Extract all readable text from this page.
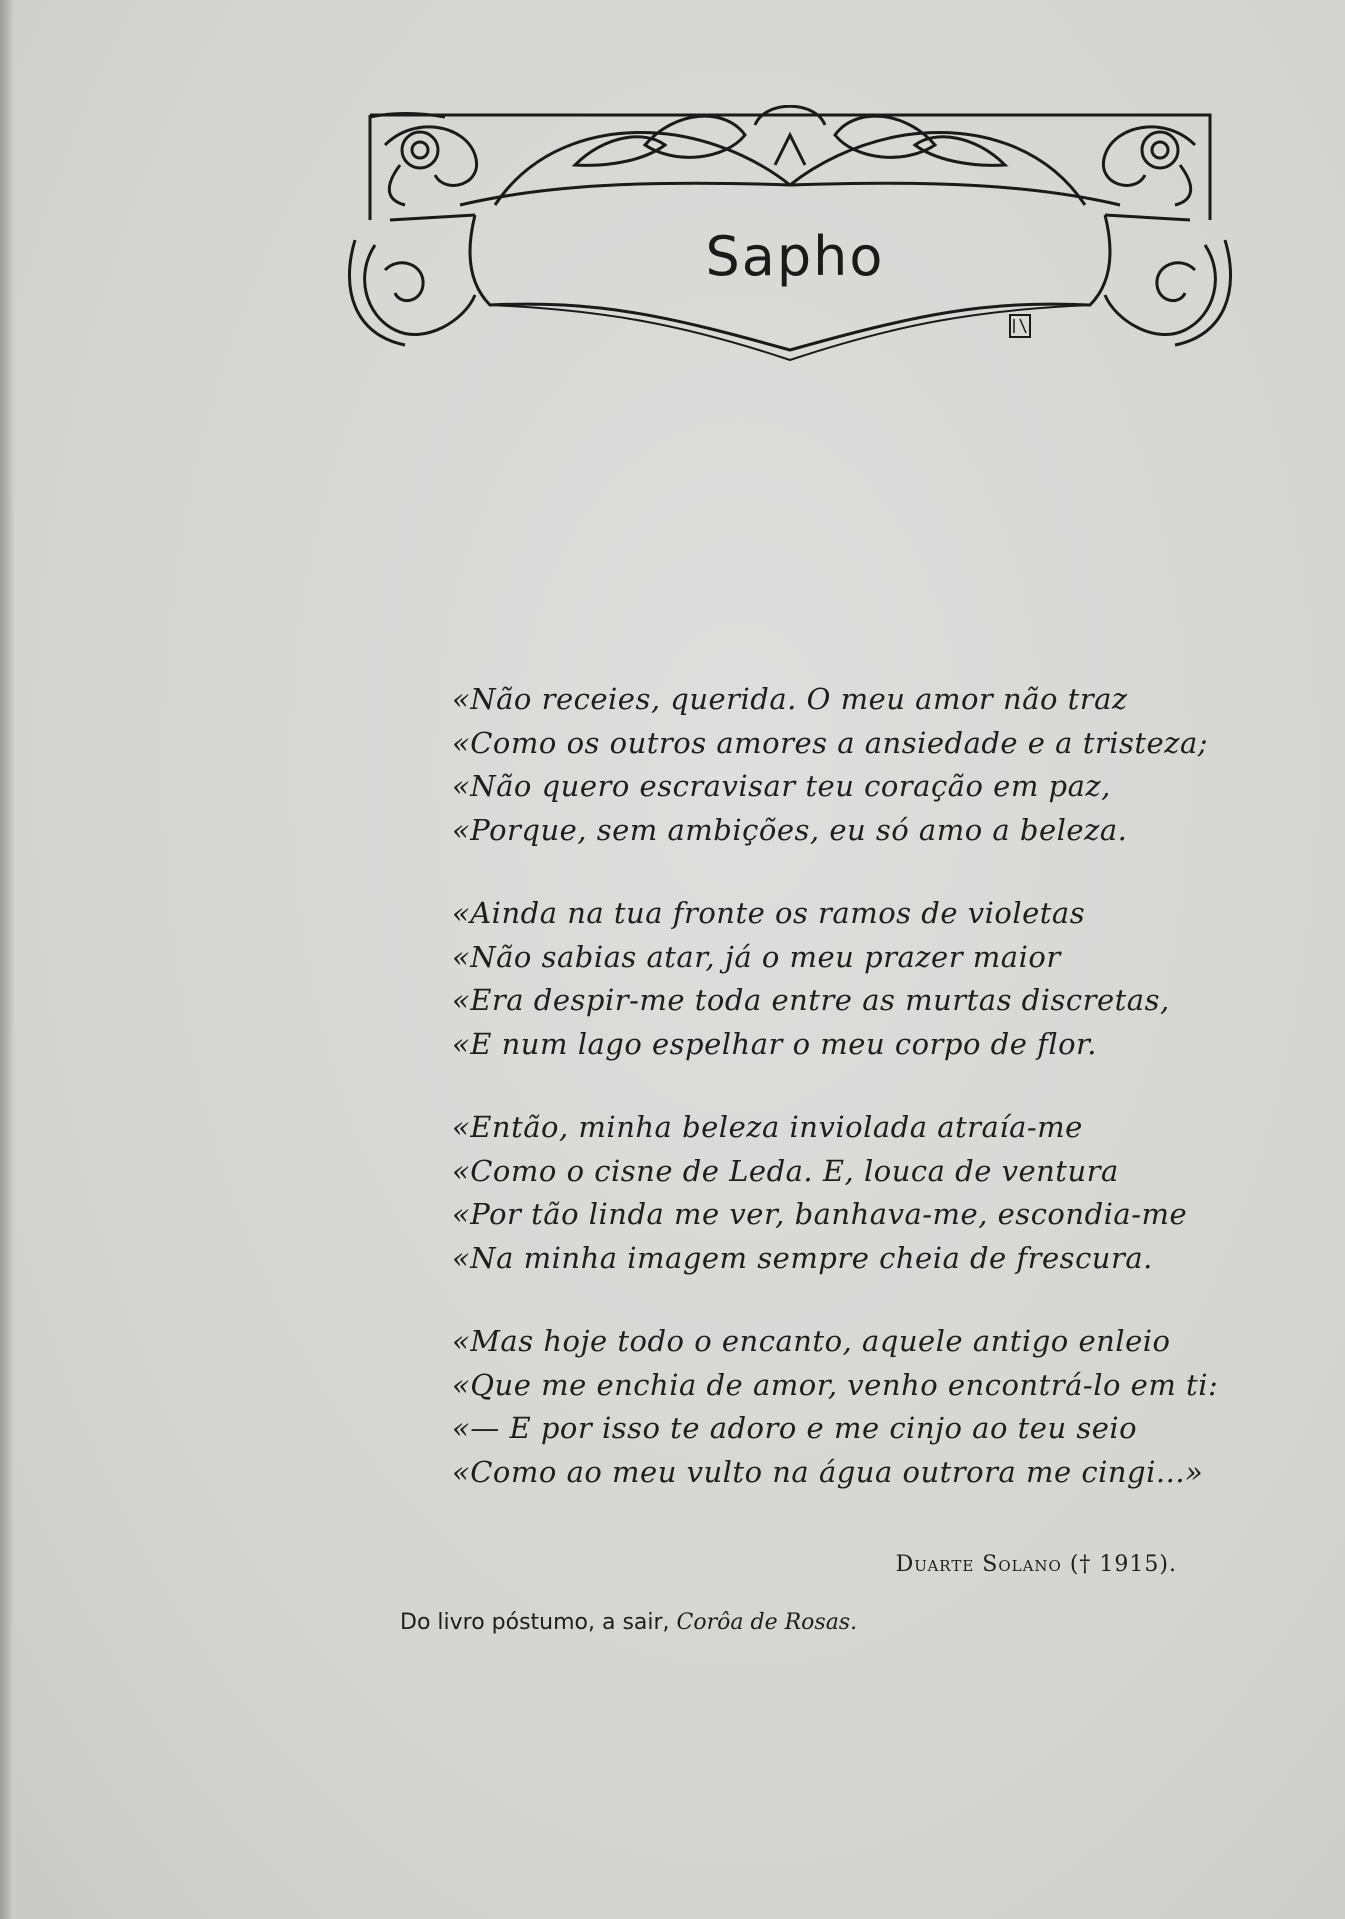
Sapho
«Não receies, querida. O meu amor não traz
«Como os outros amores a ansiedade e a tristeza;
«Não quero escravisar teu coração em paz,
«Porque, sem ambições, eu só amo a beleza.
«Ainda na tua fronte os ramos de violetas
«Não sabias atar, já o meu prazer maior
«Era despir-me toda entre as murtas discretas,
«E num lago espelhar o meu corpo de flor.
«Então, minha beleza inviolada atraía-me
«Como o cisne de Leda. E, louca de ventura
«Por tão linda me ver, banhava-me, escondia-me
«Na minha imagem sempre cheia de frescura.
«Mas hoje todo o encanto, aquele antigo enleio
«Que me enchia de amor, venho encontrá-lo em ti:
«— E por isso te adoro e me cinjo ao teu seio
«Como ao meu vulto na água outrora me cingi...»
Duarte Solano († 1915).
Do livro póstumo, a sair, Corôa de Rosas.
